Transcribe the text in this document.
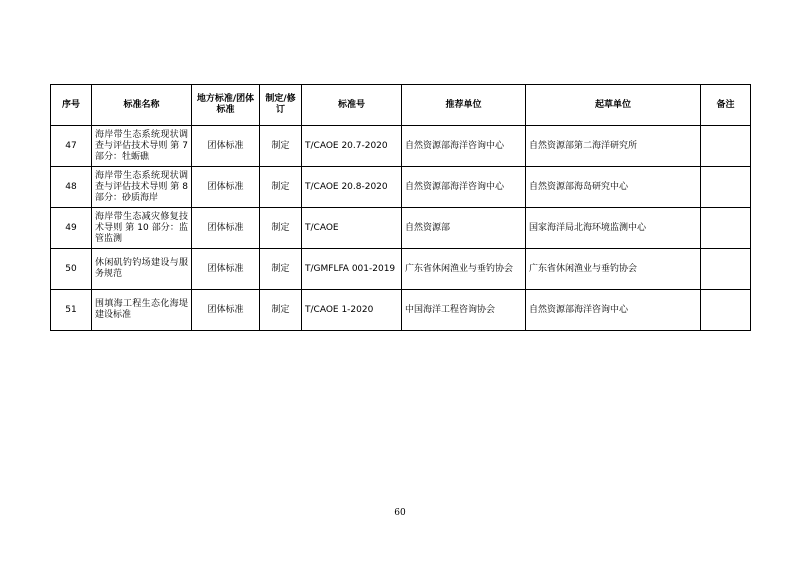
序号	标准名称	地方标准/团体标准	制定/修订	标准号	推荐单位	起草单位	备注
47	海岸带生态系统现状调查与评估技术导则 第 7 部分：牡蛎礁	团体标准	制定	T/CAOE 20.7-2020	自然资源部海洋咨询中心	自然资源部第二海洋研究所	
48	海岸带生态系统现状调查与评估技术导则 第 8 部分：砂质海岸	团体标准	制定	T/CAOE 20.8-2020	自然资源部海洋咨询中心	自然资源部海岛研究中心	
49	海岸带生态减灾修复技术导则 第 10 部分：监管监测	团体标准	制定	T/CAOE	自然资源部	国家海洋局北海环境监测中心	
50	休闲矶钓钓场建设与服务规范	团体标准	制定	T/GMFLFA 001-2019	广东省休闲渔业与垂钓协会	广东省休闲渔业与垂钓协会	
51	围填海工程生态化海堤建设标准	团体标准	制定	T/CAOE 1-2020	中国海洋工程咨询协会	自然资源部海洋咨询中心	
60
